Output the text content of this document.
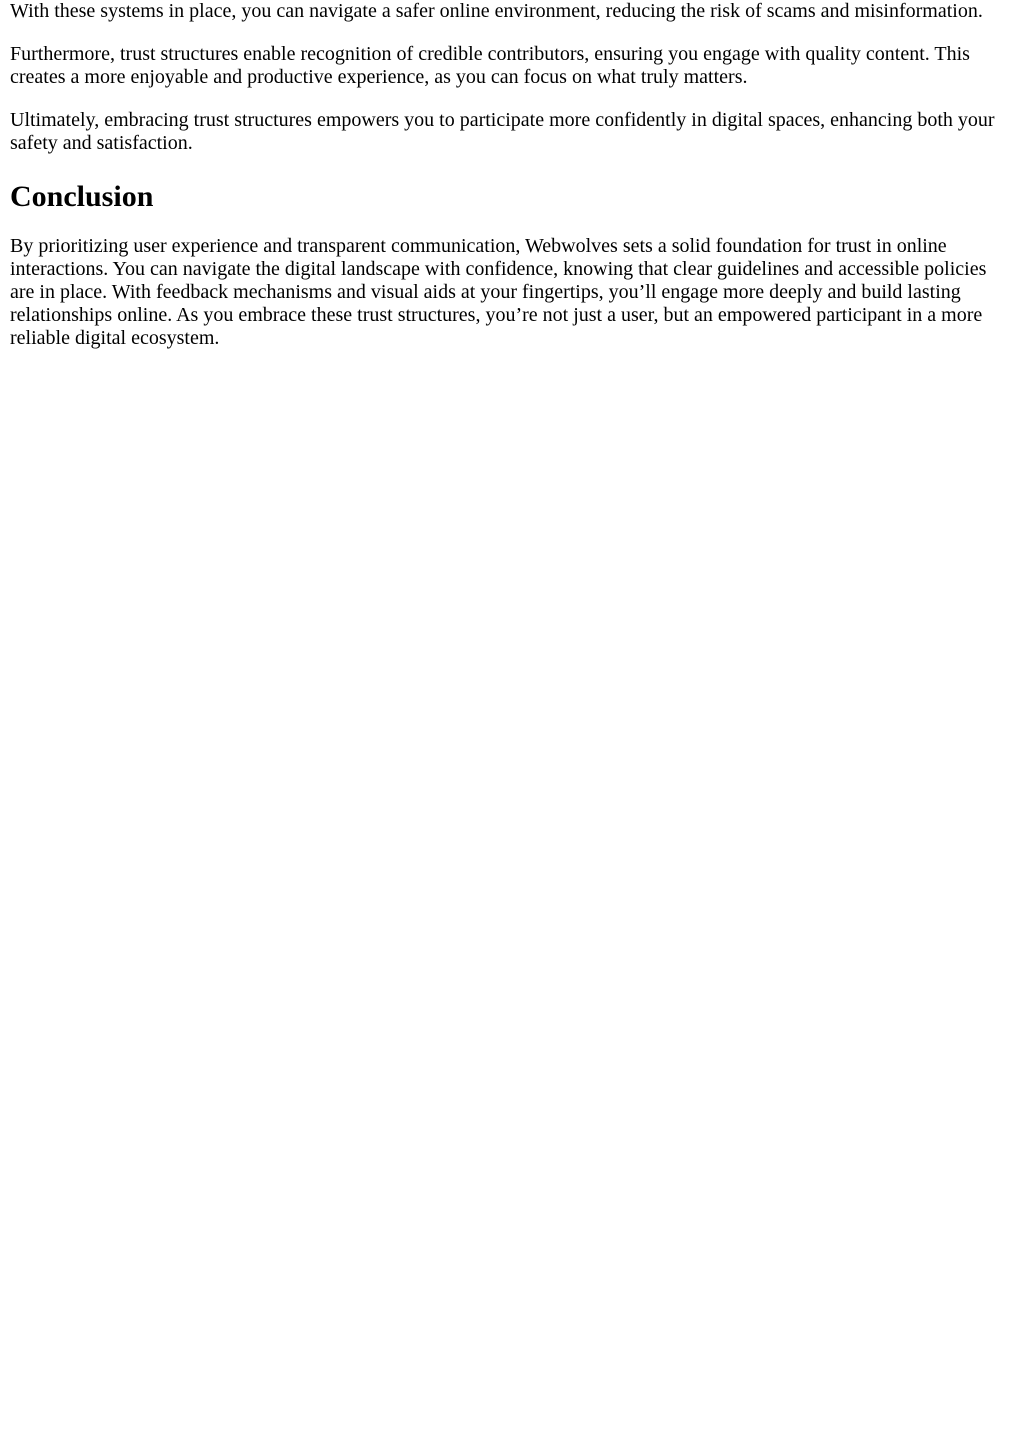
With these systems in place, you can navigate a safer online environment, reducing the risk of scams and misinformation.

Furthermore, trust structures enable recognition of credible contributors, ensuring you engage with quality content. This creates a more enjoyable and productive experience, as you can focus on what truly matters.

Ultimately, embracing trust structures empowers you to participate more confidently in digital spaces, enhancing both your safety and satisfaction.

Conclusion

By prioritizing user experience and transparent communication, Webwolves sets a solid foundation for trust in online interactions. You can navigate the digital landscape with confidence, knowing that clear guidelines and accessible policies are in place. With feedback mechanisms and visual aids at your fingertips, you’ll engage more deeply and build lasting relationships online. As you embrace these trust structures, you’re not just a user, but an empowered participant in a more reliable digital ecosystem.
